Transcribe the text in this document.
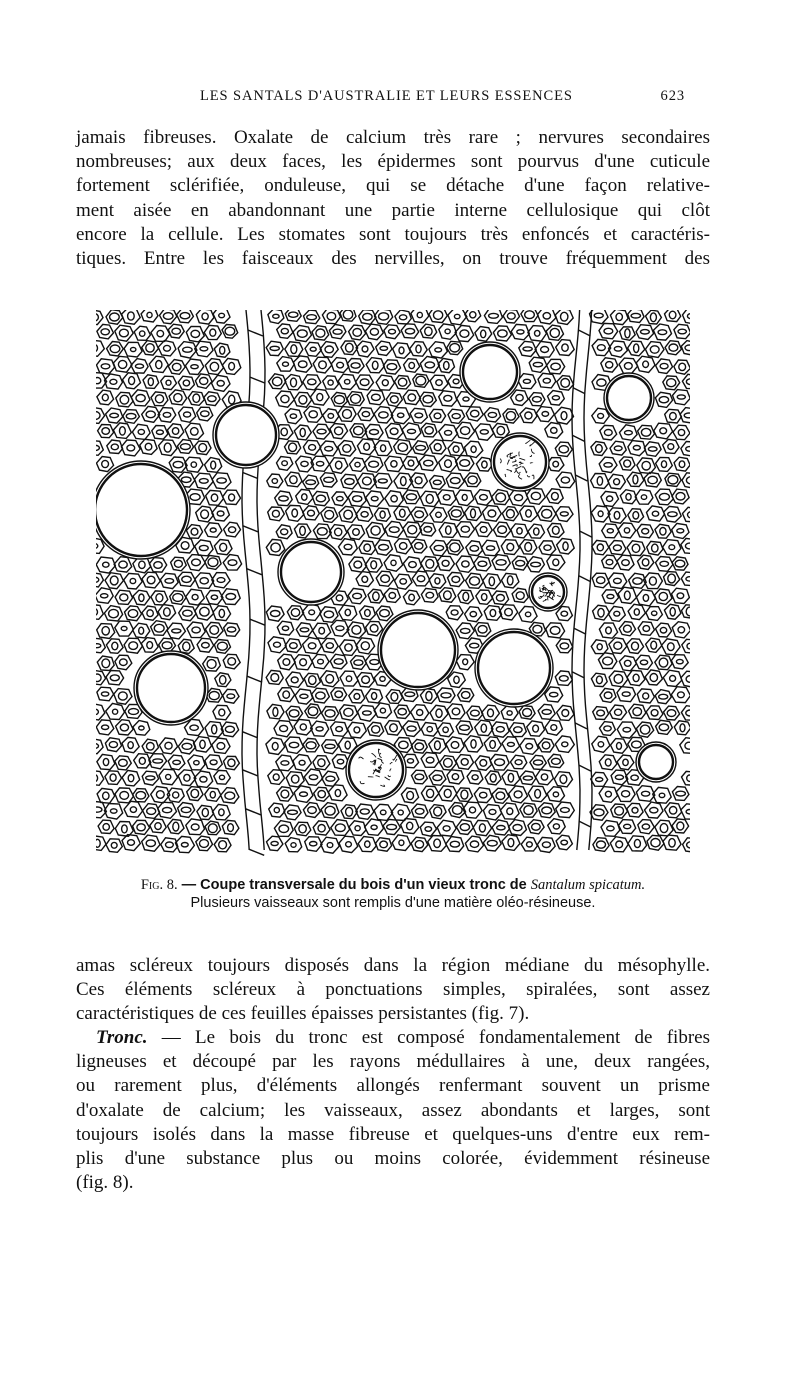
LES SANTALS D'AUSTRALIE ET LEURS ESSENCES	623

jamais fibreuses. Oxalate de calcium très rare ; nervures secondaires
nombreuses; aux deux faces, les épidermes sont pourvus d'une cuticule
fortement sclérifiée, onduleuse, qui se détache d'une façon relative-
ment aisée en abandonnant une partie interne cellulosique qui clôt
encore la cellule. Les stomates sont toujours très enfoncés et caractéris-
tiques. Entre les faisceaux des nervilles, on trouve fréquemment des

Fig. 8. — Coupe transversale du bois d'un vieux tronc de Santalum spicatum.
Plusieurs vaisseaux sont remplis d'une matière oléo-résineuse.

amas scléreux toujours disposés dans la région médiane du mésophylle.
Ces éléments scléreux à ponctuations simples, spiralées, sont assez
caractéristiques de ces feuilles épaisses persistantes (fig. 7).

Tronc. — Le bois du tronc est composé fondamentalement de fibres
ligneuses et découpé par les rayons médullaires à une, deux rangées,
ou rarement plus, d'éléments allongés renfermant souvent un prisme
d'oxalate de calcium; les vaisseaux, assez abondants et larges, sont
toujours isolés dans la masse fibreuse et quelques-uns d'entre eux rem-
plis d'une substance plus ou moins colorée, évidemment résineuse
(fig. 8).
